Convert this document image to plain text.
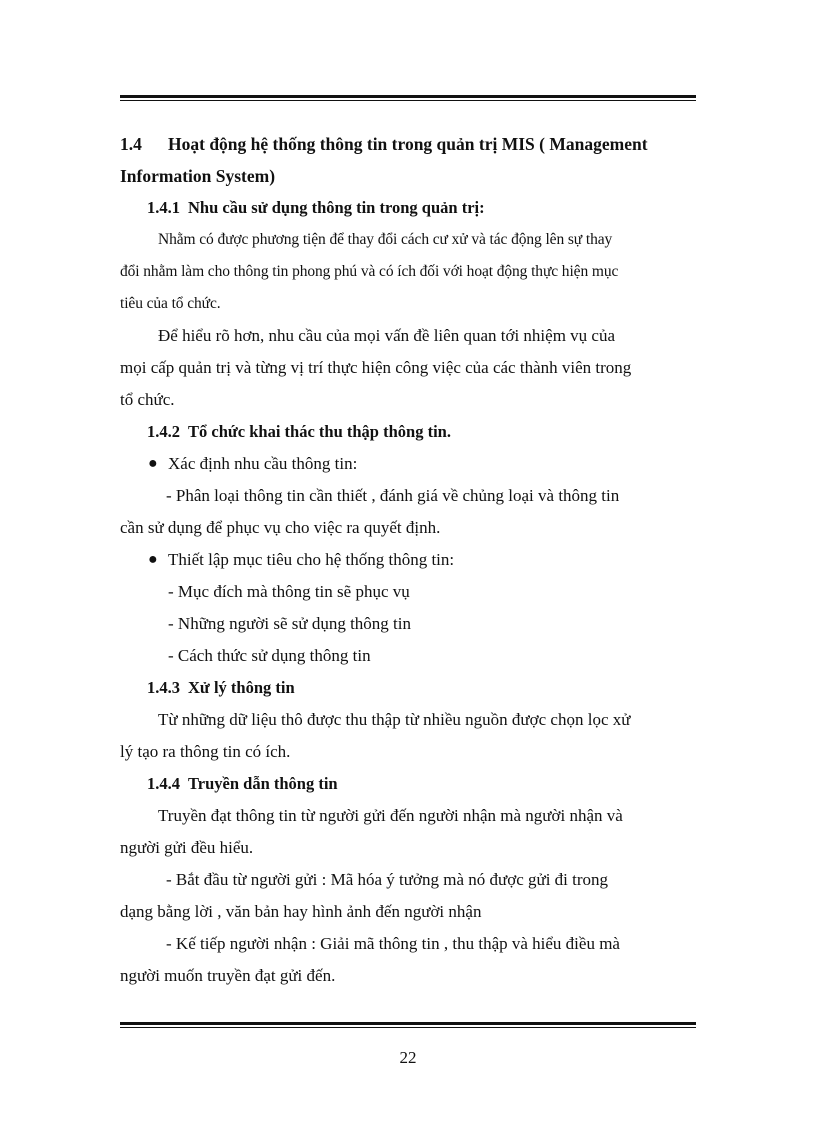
1.4 Hoạt động hệ thống thông tin trong quản trị MIS ( Management
Information System)
1.4.1 Nhu cầu sử dụng thông tin trong quản trị:
Nhằm có được phương tiện để thay đổi cách cư xử và tác động lên sự thay
đổi nhằm làm cho thông tin phong phú và có ích đối với hoạt động thực hiện mục
tiêu của tổ chức.
Để hiểu rõ hơn, nhu cầu của mọi vấn đề liên quan tới nhiệm vụ của
mọi cấp quản trị và từng vị trí thực hiện công việc của các thành viên trong
tổ chức.
1.4.2 Tổ chức khai thác thu thập thông tin.
● Xác định nhu cầu thông tin:
- Phân loại thông tin cần thiết , đánh giá về chủng loại và thông tin
cần sử dụng để phục vụ cho việc ra quyết định.
● Thiết lập mục tiêu cho hệ thống thông tin:
- Mục đích mà thông tin sẽ phục vụ
- Những người sẽ sử dụng thông tin
- Cách thức sử dụng thông tin
1.4.3 Xử lý thông tin
Từ những dữ liệu thô được thu thập từ nhiều nguồn được chọn lọc xử
lý tạo ra thông tin có ích.
1.4.4 Truyền dẫn thông tin
Truyền đạt thông tin từ người gửi đến người nhận mà người nhận và
người gửi đều hiểu.
- Bắt đầu từ người gửi : Mã hóa ý tưởng mà nó được gửi đi trong
dạng bằng lời , văn bản hay hình ảnh đến người nhận
- Kế tiếp người nhận : Giải mã thông tin , thu thập và hiểu điều mà
người muốn truyền đạt gửi đến.
22
